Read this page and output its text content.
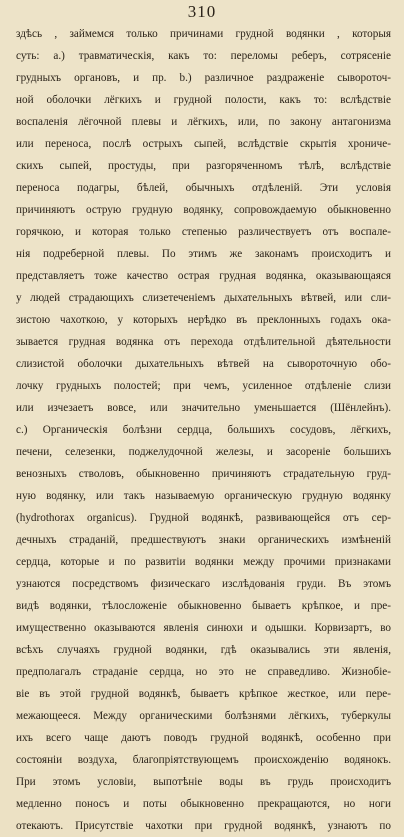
310
здѣсь , займемся только причинами грудной водянки , которыя
суть: а.) травматическія, какъ то: переломы реберъ, сотрясеніе
грудныхъ органовъ, и пр. b.) различное раздраженіе сывороточ-
ной оболочки лёгкихъ и грудной полости, какъ то: вслѣдствіе
воспаленія лёгочной плевы и лёгкихъ, или, по закону антагонизма
или переноса, послѣ острыхъ сыпей, вслѣдствіе скрытія хрониче-
скихъ сыпей, простуды, при разгоряченномъ тѣлѣ, вслѣдствіе
переноса подагры, бѣлей, обычныхъ отдѣленій. Эти условія
причиняютъ острую грудную водянку, сопровождаемую обыкновенно
горячкою, и которая только степенью различествуетъ отъ воспале-
нія подреберной плевы. По этимъ же законамъ происходитъ и
представляетъ тоже качество острая грудная водянка, оказывающаяся
у людей страдающихъ слизетеченіемъ дыхательныхъ вѣтвей, или сли-
зистою чахоткою, у которыхъ нерѣдко въ преклонныхъ годахъ ока-
зывается грудная водянка отъ перехода отдѣлительной дѣятельности
слизистой оболочки дыхательныхъ вѣтвей на сывороточную обо-
лочку грудныхъ полостей; при чемъ, усиленное отдѣленіе слизи
или изчезаетъ вовсе, или значительно уменьшается (Шёнлейнъ).
c.) Органическія болѣзни сердца, большихъ сосудовъ, лёгкихъ,
печени, селезенки, поджелудочной железы, и засореніе большихъ
венозныхъ стволовъ, обыкновенно причиняютъ страдательную груд-
ную водянку, или такъ называемую органическую грудную водянку
(hydrothorax organicus). Грудной водянкѣ, развивающейся отъ сер-
дечныхъ страданій, предшествуютъ знаки органическихъ измѣненій
сердца, которые и по развитіи водянки между прочими признаками
узнаются посредствомъ физическаго изслѣдованія груди. Въ этомъ
видѣ водянки, тѣлосложеніе обыкновенно бываетъ крѣпкое, и пре-
имущественно оказываются явленія синюхи и одышки. Корвизартъ, во
всѣхъ случаяхъ грудной водянки, гдѣ оказывались эти явленія,
предполагалъ страданіе сердца, но это не справедливо. Жизнобіе-
віе въ этой грудной водянкѣ, бываетъ крѣпкое жесткое, или пере-
межающееся. Между органическими болѣзнями лёгкихъ, туберкулы
ихъ всего чаще даютъ поводъ грудной водянкѣ, особенно при
состояніи воздуха, благопріятствующемъ происхожденію водянокъ.
При этомъ условіи, выпотѣніе воды въ грудь происходитъ
медленно поносъ и поты обыкновенно прекращаются, но ноги
отекаютъ. Присутствіе чахотки при грудной водянкѣ, узнаютъ по
